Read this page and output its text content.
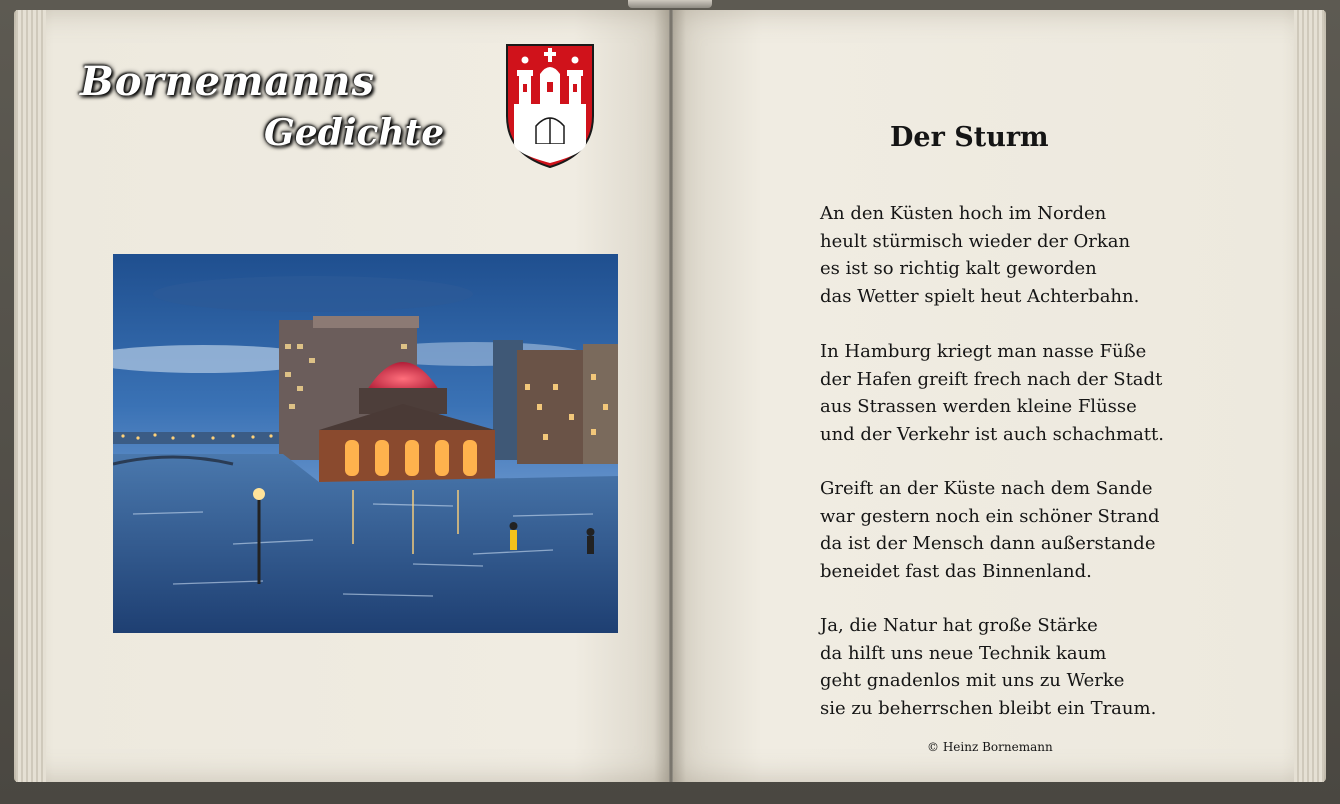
Bornemanns
Gedichte	Der Sturm
An den Küsten hoch im Norden
heult stürmisch wieder der Orkan
es ist so richtig kalt geworden
das Wetter spielt heut Achterbahn.
In Hamburg kriegt man nasse Füße
der Hafen greift frech nach der Stadt
aus Strassen werden kleine Flüsse
und der Verkehr ist auch schachmatt.
Greift an der Küste nach dem Sande
war gestern noch ein schöner Strand
da ist der Mensch dann außerstande
beneidet fast das Binnenland.
Ja, die Natur hat große Stärke
da hilft uns neue Technik kaum
geht gnadenlos mit uns zu Werke
sie zu beherrschen bleibt ein Traum.
© Heinz Bornemann
